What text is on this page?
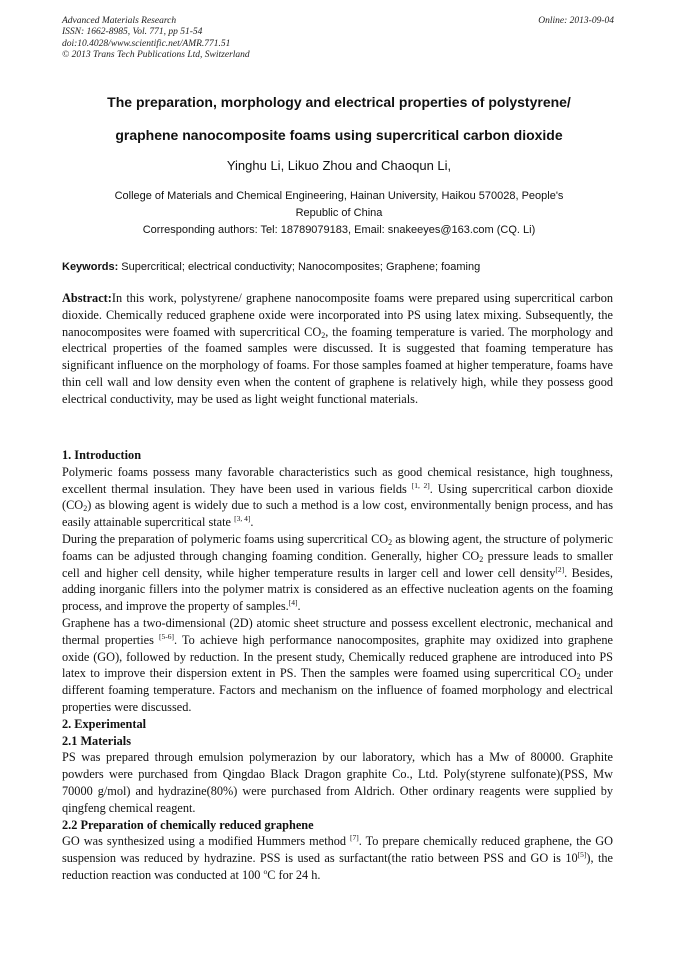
Advanced Materials Research
ISSN: 1662-8985, Vol. 771, pp 51-54
doi:10.4028/www.scientific.net/AMR.771.51
© 2013 Trans Tech Publications Ltd, Switzerland
Online: 2013-09-04
The preparation, morphology and electrical properties of polystyrene/
graphene nanocomposite foams using supercritical carbon dioxide
Yinghu Li, Likuo Zhou and Chaoqun Li,
College of Materials and Chemical Engineering, Hainan University, Haikou 570028, People's
Republic of China
Corresponding authors: Tel: 18789079183, Email: snakeeyes@163.com (CQ. Li)
Keywords: Supercritical; electrical conductivity; Nanocomposites; Graphene; foaming

Abstract:In this work, polystyrene/ graphene nanocomposite foams were prepared using supercritical carbon dioxide. Chemically reduced graphene oxide were incorporated into PS using latex mixing. Subsequently, the nanocomposites were foamed with supercritical $CO_2$, the foaming temperature is varied. The morphology and electrical properties of the foamed samples were discussed. It is suggested that foaming temperature has significant influence on the morphology of foams. For those samples foamed at higher temperature, foams have thin cell wall and low density even when the content of graphene is relatively high, while they possess good electrical conductivity, may be used as light weight functional materials.

1. Introduction

Polymeric foams possess many favorable characteristics such as good chemical resistance, high toughness, excellent thermal insulation. They have been used in various fields [1, 2]. Using supercritical carbon dioxide $(CO_2)$ as blowing agent is widely due to such a method is a low cost, environmentally benign process, and has easily attainable supercritical state [3, 4].

During the preparation of polymeric foams using supercritical $CO_2$ as blowing agent, the structure of polymeric foams can be adjusted through changing foaming condition. Generally, higher $CO_2$ pressure leads to smaller cell and higher cell density, while higher temperature results in larger cell and lower cell density[2]. Besides, adding inorganic fillers into the polymer matrix is considered as an effective nucleation agents on the foaming process, and improve the property of samples.[4].

Graphene has a two-dimensional (2D) atomic sheet structure and possess excellent electronic, mechanical and thermal properties [5-6]. To achieve high performance nanocomposites, graphite may oxidized into graphene oxide (GO), followed by reduction. In the present study, Chemically reduced graphene are introduced into PS latex to improve their dispersion extent in PS. Then the samples were foamed using supercritical $CO_2$ under different foaming temperature. Factors and mechanism on the influence of foamed morphology and electrical properties were discussed.

2. Experimental

2.1 Materials

PS was prepared through emulsion polymerazion by our laboratory, which has a Mw of 80000. Graphite powders were purchased from Qingdao Black Dragon graphite Co., Ltd. Poly(styrene sulfonate)(PSS, Mw 70000 g/mol) and hydrazine(80%) were purchased from Aldrich. Other ordinary reagents were supplied by qingfeng chemical reagent.

2.2 Preparation of chemically reduced graphene

GO was synthesized using a modified Hummers method [7]. To prepare chemically reduced graphene, the GO suspension was reduced by hydrazine. PSS is used as surfactant(the ratio between PSS and GO is 10[5]), the reduction reaction was conducted at 100 $^o$C for 24 h.
